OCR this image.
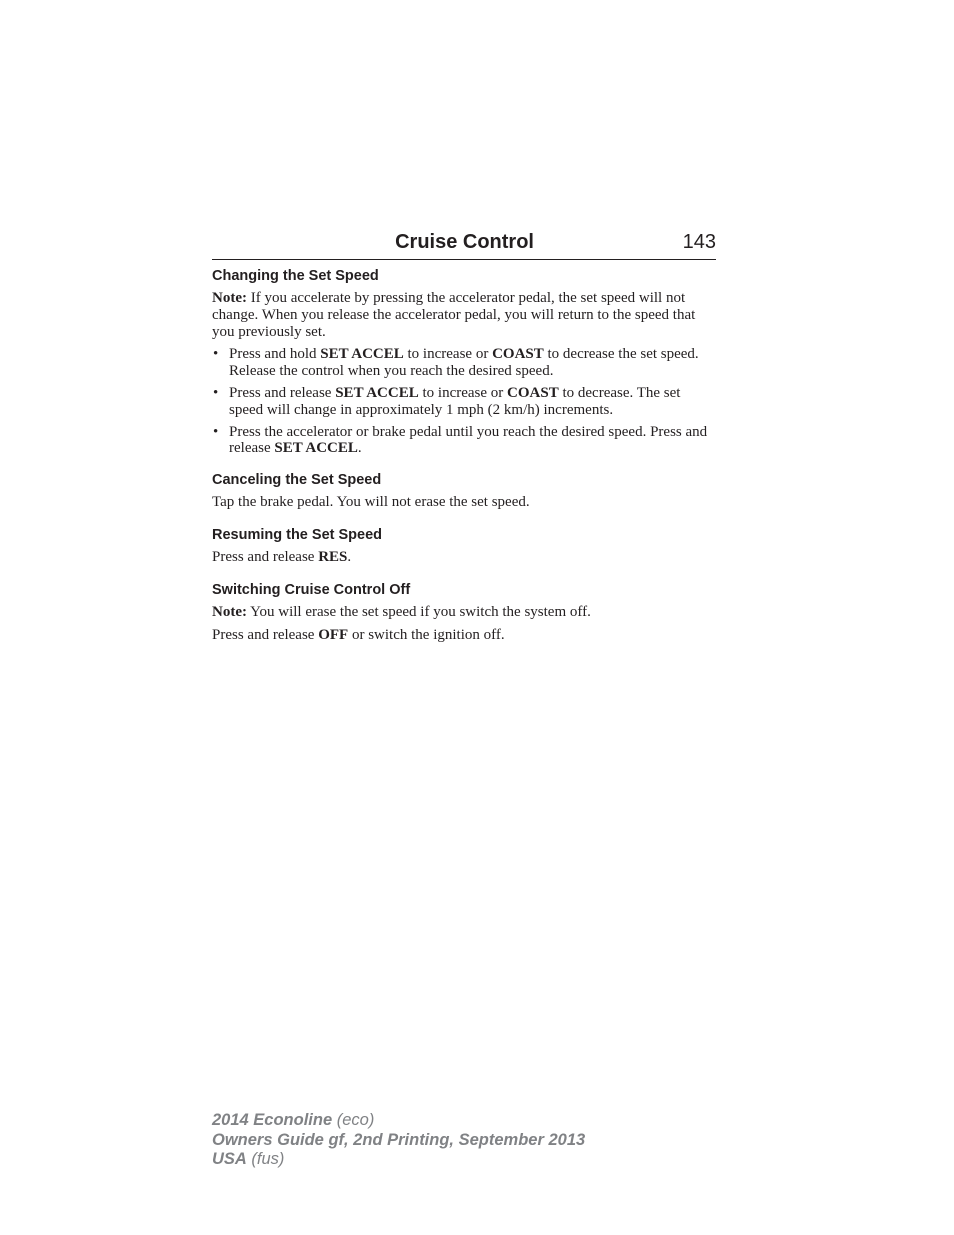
Cruise Control	143
Changing the Set Speed

Note: If you accelerate by pressing the accelerator pedal, the set speed will not change. When you release the accelerator pedal, you will return to the speed that you previously set.

• Press and hold SET ACCEL to increase or COAST to decrease the set speed. Release the control when you reach the desired speed.
• Press and release SET ACCEL to increase or COAST to decrease. The set speed will change in approximately 1 mph (2 km/h) increments.
• Press the accelerator or brake pedal until you reach the desired speed. Press and release SET ACCEL.
Canceling the Set Speed

Tap the brake pedal. You will not erase the set speed.

Resuming the Set Speed

Press and release RES.

Switching Cruise Control Off

Note: You will erase the set speed if you switch the system off.

Press and release OFF or switch the ignition off.

2014 Econoline (eco)
Owners Guide gf, 2nd Printing, September 2013
USA (fus)
